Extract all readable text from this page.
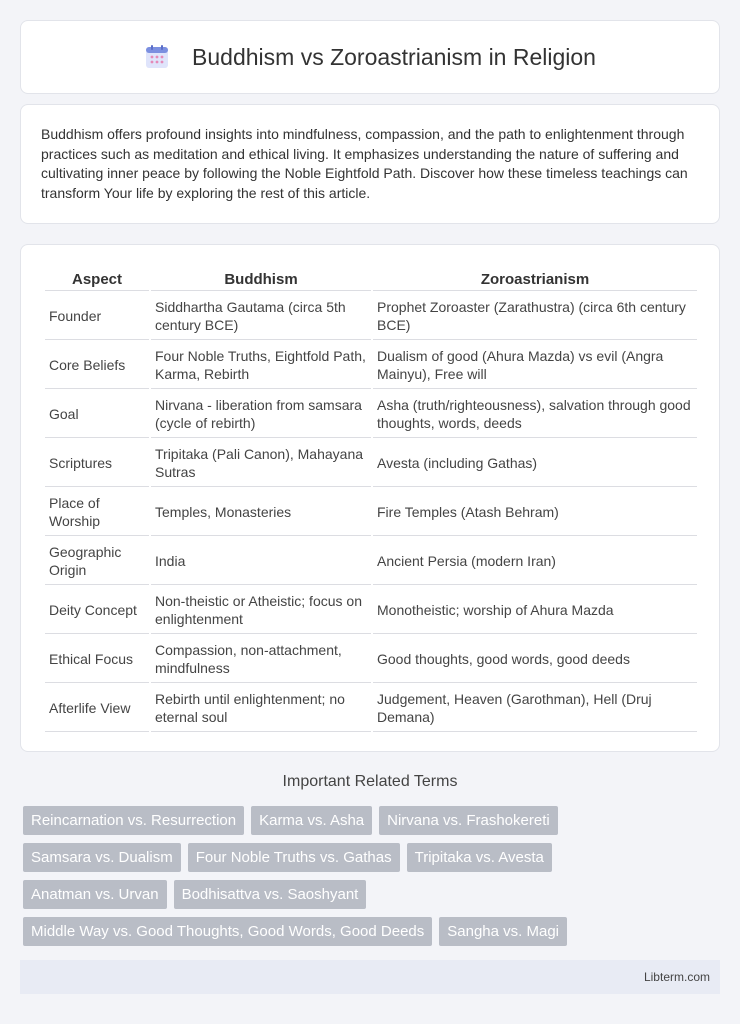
Buddhism vs Zoroastrianism in Religion

Buddhism offers profound insights into mindfulness, compassion, and the path to enlightenment through practices such as meditation and ethical living. It emphasizes understanding the nature of suffering and cultivating inner peace by following the Noble Eightfold Path. Discover how these timeless teachings can transform Your life by exploring the rest of this article.

Aspect	Buddhism	Zoroastrianism
Founder	Siddhartha Gautama (circa 5th century BCE)	Prophet Zoroaster (Zarathustra) (circa 6th century BCE)
Core Beliefs	Four Noble Truths, Eightfold Path, Karma, Rebirth	Dualism of good (Ahura Mazda) vs evil (Angra Mainyu), Free will
Goal	Nirvana - liberation from samsara (cycle of rebirth)	Asha (truth/righteousness), salvation through good thoughts, words, deeds
Scriptures	Tripitaka (Pali Canon), Mahayana Sutras	Avesta (including Gathas)
Place of Worship	Temples, Monasteries	Fire Temples (Atash Behram)
Geographic Origin	India	Ancient Persia (modern Iran)
Deity Concept	Non-theistic or Atheistic; focus on enlightenment	Monotheistic; worship of Ahura Mazda
Ethical Focus	Compassion, non-attachment, mindfulness	Good thoughts, good words, good deeds
Afterlife View	Rebirth until enlightenment; no eternal soul	Judgement, Heaven (Garothman), Hell (Druj Demana)
Important Related Terms
Reincarnation vs. Resurrection	Karma vs. Asha	Nirvana vs. Frashokereti
Samsara vs. Dualism	Four Noble Truths vs. Gathas	Tripitaka vs. Avesta
Anatman vs. Urvan	Bodhisattva vs. Saoshyant
Middle Way vs. Good Thoughts, Good Words, Good Deeds	Sangha vs. Magi
Libterm.com
